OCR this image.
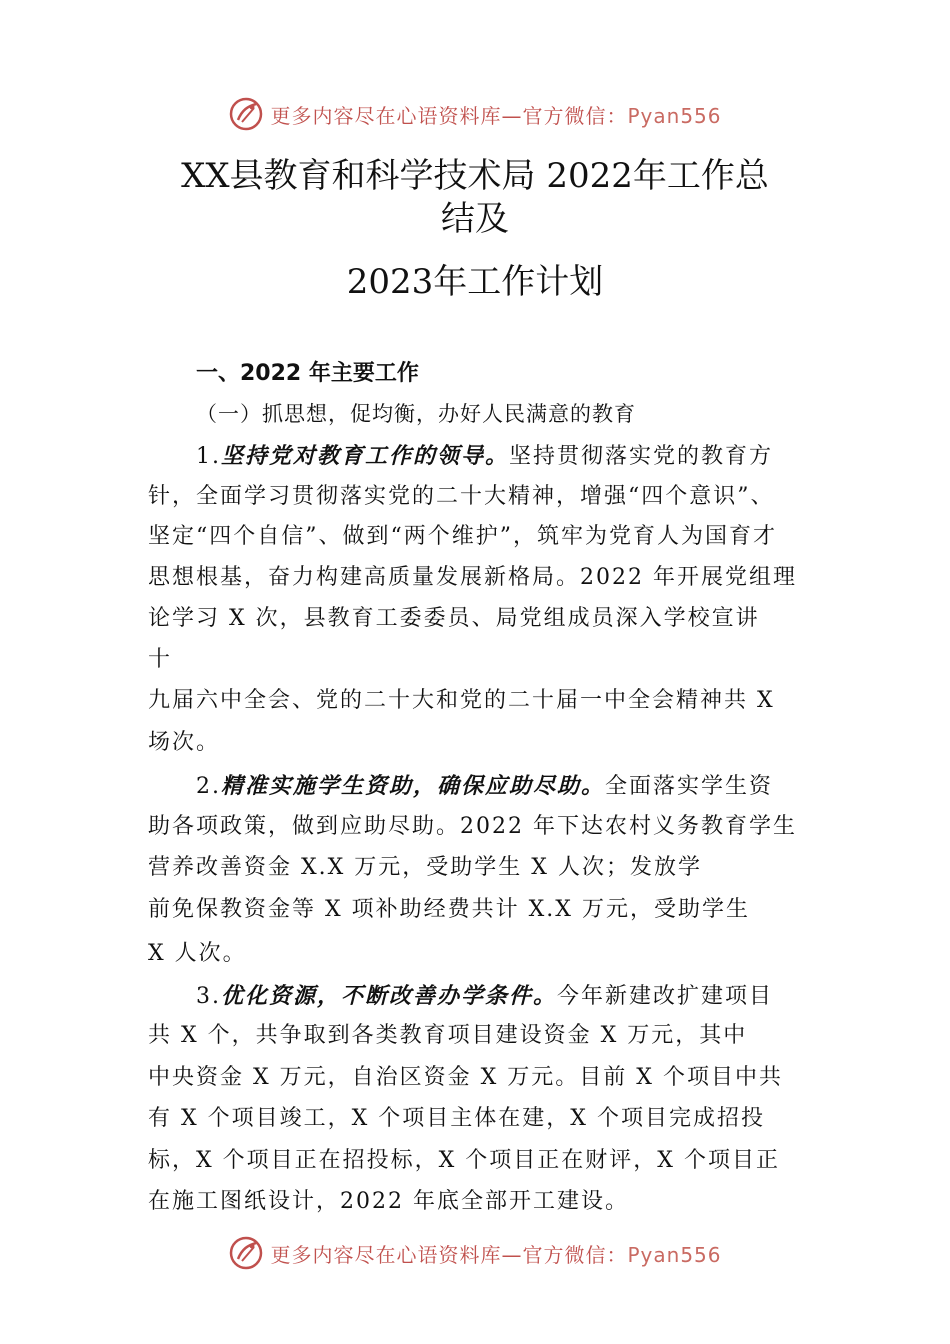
更多内容尽在心语资料库—官方微信：Pyan556
XX县教育和科学技术局 2022年工作总
结及
2023年工作计划
一、2022 年主要工作
（一）抓思想，促均衡，办好人民满意的教育
1.坚持党对教育工作的领导。坚持贯彻落实党的教育方
针，全面学习贯彻落实党的二十大精神，增强“四个意识”、
坚定“四个自信”、做到“两个维护”，筑牢为党育人为国育才
思想根基，奋力构建高质量发展新格局。2022 年开展党组理
论学习 X 次，县教育工委委员、局党组成员深入学校宣讲
十
九届六中全会、党的二十大和党的二十届一中全会精神共 X
场次。
2.精准实施学生资助，确保应助尽助。全面落实学生资
助各项政策，做到应助尽助。2022 年下达农村义务教育学生
营养改善资金 X.X 万元，受助学生 X 人次；发放学
前免保教资金等 X 项补助经费共计 X.X 万元，受助学生
X 人次。
3.优化资源，不断改善办学条件。今年新建改扩建项目
共 X 个，共争取到各类教育项目建设资金 X 万元，其中
中央资金 X 万元，自治区资金 X 万元。目前 X 个项目中共
有 X 个项目竣工，X 个项目主体在建，X 个项目完成招投
标，X 个项目正在招投标，X 个项目正在财评，X 个项目正
在施工图纸设计，2022 年底全部开工建设。
更多内容尽在心语资料库—官方微信：Pyan556
